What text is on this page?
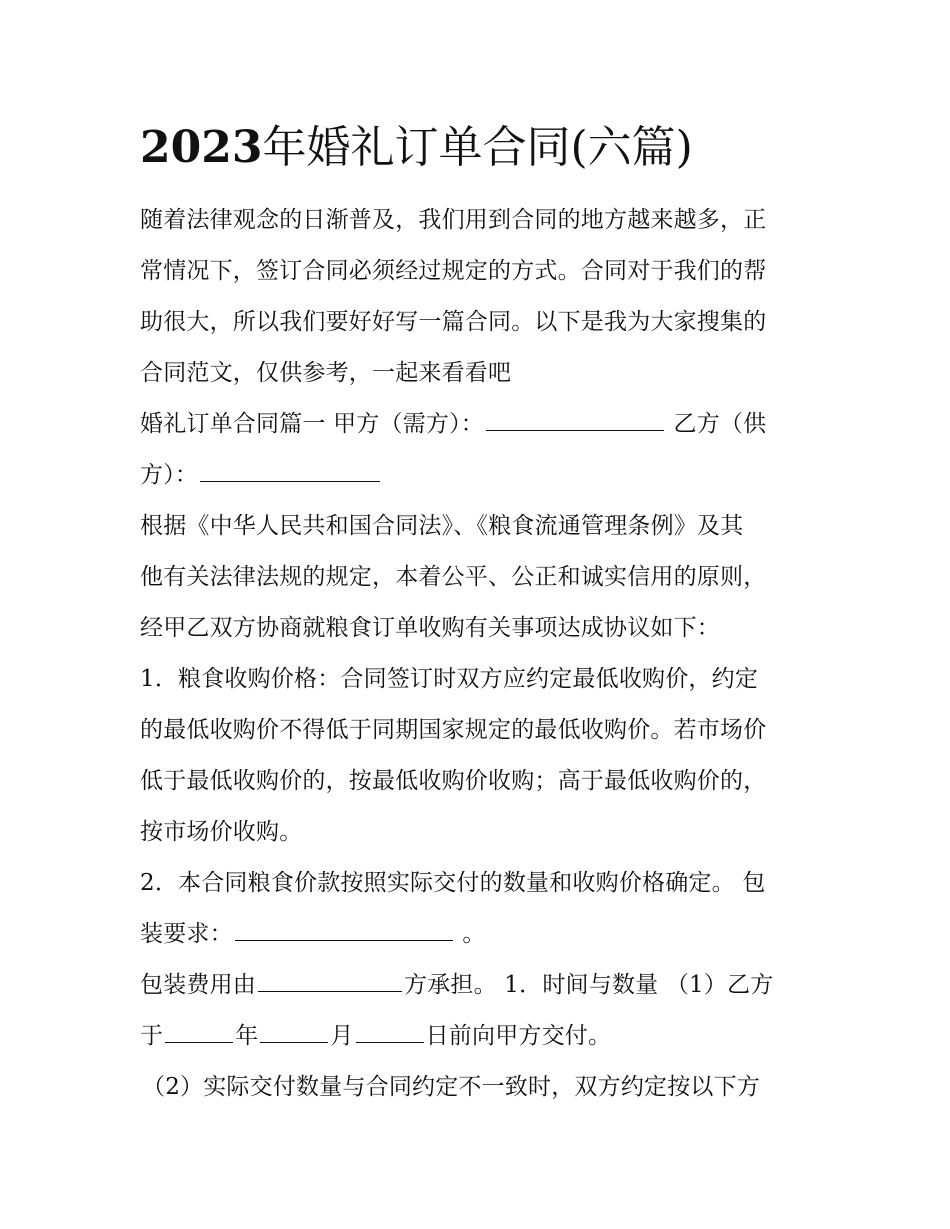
2023年婚礼订单合同(六篇)
随着法律观念的日渐普及，我们用到合同的地方越来越多，正
常情况下，签订合同必须经过规定的方式。合同对于我们的帮
助很大，所以我们要好好写一篇合同。以下是我为大家搜集的
合同范文，仅供参考，一起来看看吧
婚礼订单合同篇一 甲方（需方）：	乙方（供
方）：
根据《中华人民共和国合同法》、《粮食流通管理条例》及其
他有关法律法规的规定，本着公平、公正和诚实信用的原则，
经甲乙双方协商就粮食订单收购有关事项达成协议如下：
1．粮食收购价格：合同签订时双方应约定最低收购价，约定
的最低收购价不得低于同期国家规定的最低收购价。若市场价
低于最低收购价的，按最低收购价收购；高于最低收购价的，
按市场价收购。
2．本合同粮食价款按照实际交付的数量和收购价格确定。 包
装要求：	。
包装费用由	方承担。 1．时间与数量 （1）乙方
于	年	月	日前向甲方交付。
（2）实际交付数量与合同约定不一致时，双方约定按以下方
